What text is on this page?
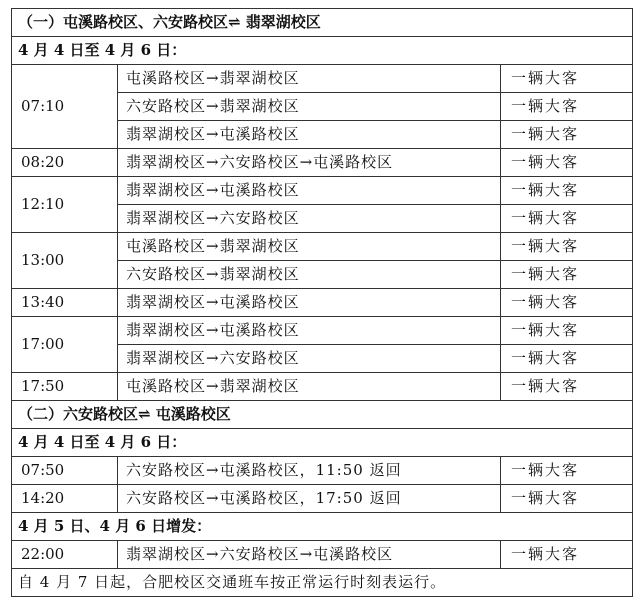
（一）屯溪路校区、六安路校区⇌ 翡翠湖校区		
4 月 4 日至 4 月 6 日：		
07:10	屯溪路校区→翡翠湖校区	一辆大客
	六安路校区→翡翠湖校区	一辆大客
	翡翠湖校区→屯溪路校区	一辆大客
08:20	翡翠湖校区→六安路校区→屯溪路校区	一辆大客
12:10	翡翠湖校区→屯溪路校区	一辆大客
	翡翠湖校区→六安路校区	一辆大客
13:00	屯溪路校区→翡翠湖校区	一辆大客
	六安路校区→翡翠湖校区	一辆大客
13:40	翡翠湖校区→屯溪路校区	一辆大客
17:00	翡翠湖校区→屯溪路校区	一辆大客
	翡翠湖校区→六安路校区	一辆大客
17:50	屯溪路校区→翡翠湖校区	一辆大客
（二）六安路校区⇌ 屯溪路校区		
4 月 4 日至 4 月 6 日：		
07:50	六安路校区→屯溪路校区，11:50 返回	一辆大客
14:20	六安路校区→屯溪路校区，17:50 返回	一辆大客
4 月 5 日、4 月 6 日增发：		
22:00	翡翠湖校区→六安路校区→屯溪路校区	一辆大客
自 4 月 7 日起，合肥校区交通班车按正常运行时刻表运行。		
